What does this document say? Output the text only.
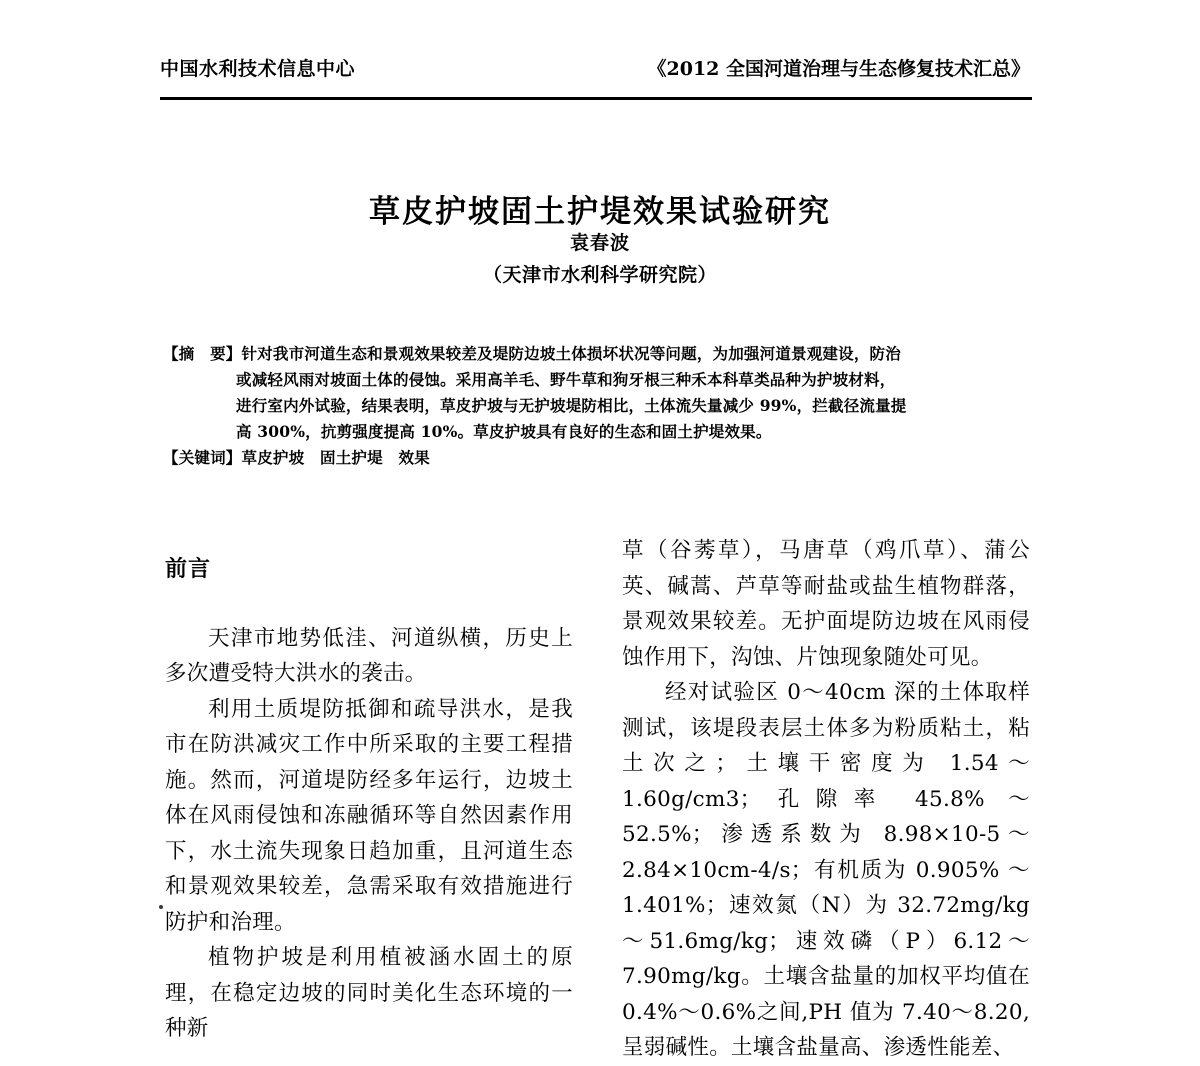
中国水利技术信息中心	《2012 全国河道治理与生态修复技术汇总》
草皮护坡固土护堤效果试验研究
袁春波
（天津市水利科学研究院）
【摘　要】针对我市河道生态和景观效果较差及堤防边坡土体损坏状况等问题，为加强河道景观建设，防治
或减轻风雨对坡面土体的侵蚀。采用高羊毛、野牛草和狗牙根三种禾本科草类品种为护坡材料，
进行室内外试验，结果表明，草皮护坡与无护坡堤防相比，土体流失量减少 99%，拦截径流量提
高 300%，抗剪强度提高 10%。草皮护坡具有良好的生态和固土护堤效果。
【关键词】草皮护坡　固土护堤　效果
前言

天津市地势低洼、河道纵横，历史上多次遭受特大洪水的袭击。

利用土质堤防抵御和疏导洪水，是我市在防洪减灾工作中所采取的主要工程措施。然而，河道堤防经多年运行，边坡土体在风雨侵蚀和冻融循环等自然因素作用下，水土流失现象日趋加重，且河道生态和景观效果较差，急需采取有效措施进行防护和治理。

植物护坡是利用植被涵水固土的原理，在稳定边坡的同时美化生态环境的一种新

草（谷莠草），马唐草（鸡爪草）、蒲公英、碱蒿、芦草等耐盐或盐生植物群落，景观效果较差。无护面堤防边坡在风雨侵蚀作用下，沟蚀、片蚀现象随处可见。

经对试验区 0～40cm 深的土体取样测试，该堤段表层土体多为粉质粘土，粘土次之；土壤干密度为 1.54～1.60g/cm3；孔隙率 45.8% ～ 52.5%；渗透系数为 8.98×10-5～2.84×10cm-4/s；有机质为 0.905% ～ 1.401%；速效氮（N）为 32.72mg/kg～51.6mg/kg；速效磷（P）6.12～7.90mg/kg。土壤含盐量的加权平均值在 0.4%～0.6%之间,PH 值为 7.40～8.20,呈弱碱性。土壤含盐量高、渗透性能差、
